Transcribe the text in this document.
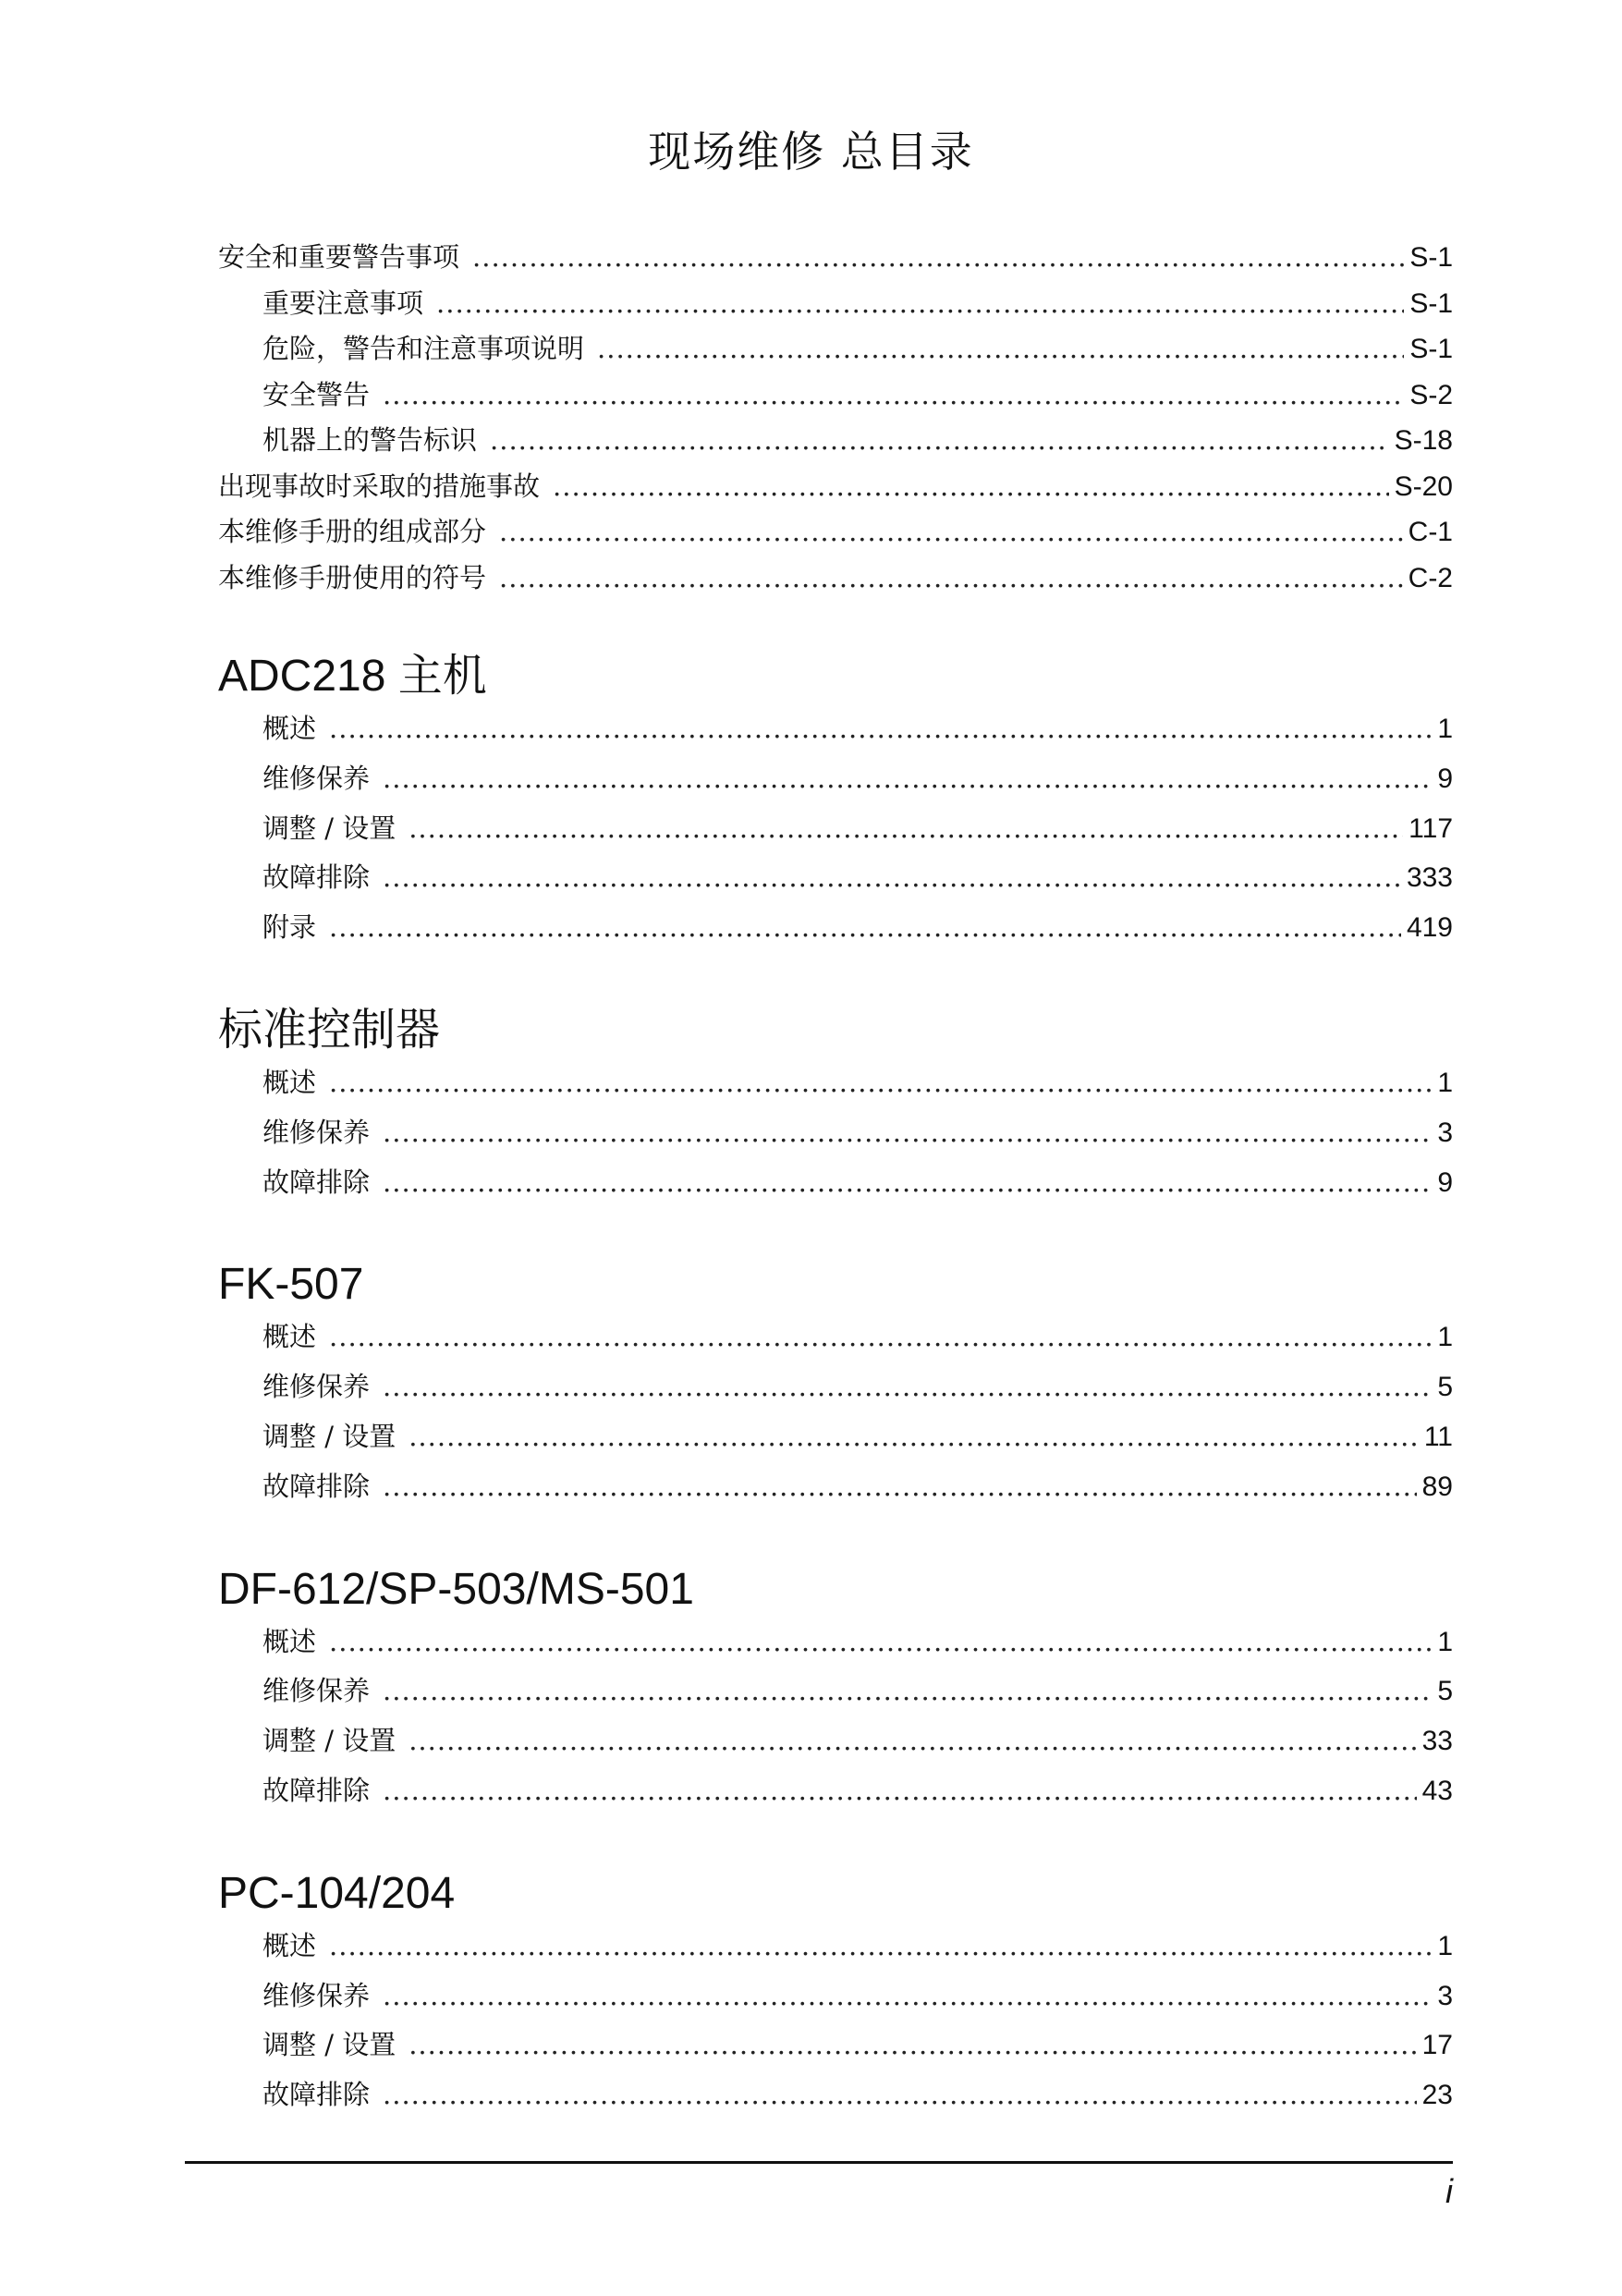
现场维修 总目录
安全和重要警告事项 .....	S-1
重要注意事项 .....	S-1
危险，警告和注意事项说明 .....	S-1
安全警告 .....	S-2
机器上的警告标识 .....	S-18
出现事故时采取的措施事故 .....	S-20
本维修手册的组成部分 .....	C-1
本维修手册使用的符号 .....	C-2
ADC218 主机
概述 .....	1
维修保养 .....	9
调整 / 设置 .....	117
故障排除 .....	333
附录 .....	419
标准控制器
概述 .....	1
维修保养 .....	3
故障排除 .....	9
FK-507
概述 .....	1
维修保养 .....	5
调整 / 设置 .....	11
故障排除 .....	89
DF-612/SP-503/MS-501
概述 .....	1
维修保养 .....	5
调整 / 设置 .....	33
故障排除 .....	43
PC-104/204
概述 .....	1
维修保养 .....	3
调整 / 设置 .....	17
故障排除 .....	23
i
